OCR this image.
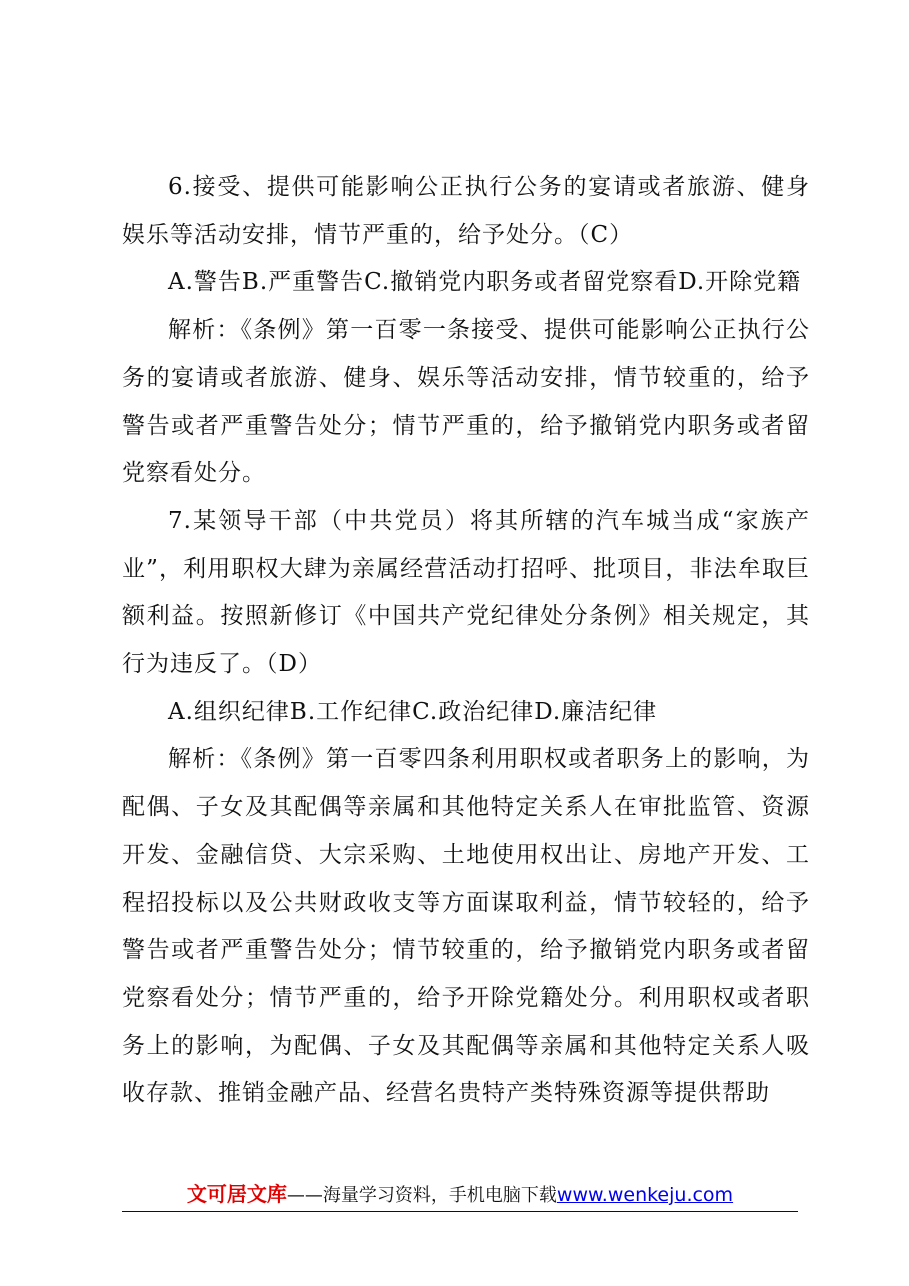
6.接受、提供可能影响公正执行公务的宴请或者旅游、健身娱乐等活动安排，情节严重的，给予处分。（C）

A.警告B.严重警告C.撤销党内职务或者留党察看D.开除党籍

解析：《条例》第一百零一条接受、提供可能影响公正执行公务的宴请或者旅游、健身、娱乐等活动安排，情节较重的，给予警告或者严重警告处分；情节严重的，给予撤销党内职务或者留党察看处分。

7.某领导干部（中共党员）将其所辖的汽车城当成“家族产业”，利用职权大肆为亲属经营活动打招呼、批项目，非法牟取巨额利益。按照新修订《中国共产党纪律处分条例》相关规定，其行为违反了。（D）

A.组织纪律B.工作纪律C.政治纪律D.廉洁纪律

解析：《条例》第一百零四条利用职权或者职务上的影响，为配偶、子女及其配偶等亲属和其他特定关系人在审批监管、资源开发、金融信贷、大宗采购、土地使用权出让、房地产开发、工程招投标以及公共财政收支等方面谋取利益，情节较轻的，给予警告或者严重警告处分；情节较重的，给予撤销党内职务或者留党察看处分；情节严重的，给予开除党籍处分。利用职权或者职务上的影响，为配偶、子女及其配偶等亲属和其他特定关系人吸收存款、推销金融产品、经营名贵特产类特殊资源等提供帮助

文可居文库——海量学习资料，手机电脑下载www.wenkeju.com
